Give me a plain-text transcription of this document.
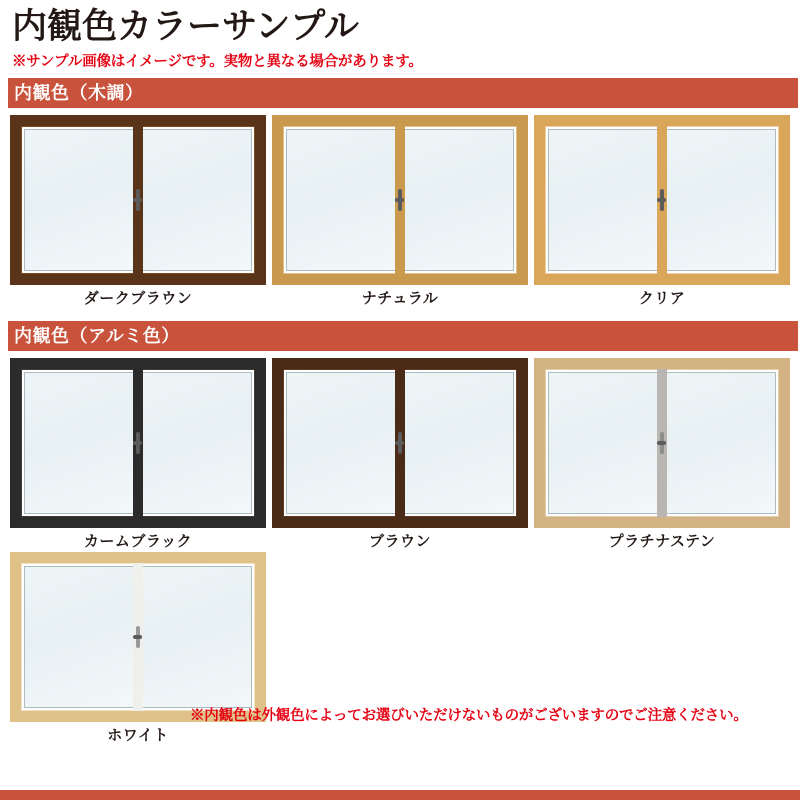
内観色カラーサンプル
※サンプル画像はイメージです。実物と異なる場合があります。
内観色（木調）
ダークブラウン	ナチュラル	クリア
内観色（アルミ色）
カームブラック	ブラウン	プラチナステン
ホワイト
※内観色は外観色によってお選びいただけないものがございますのでご注意ください。
